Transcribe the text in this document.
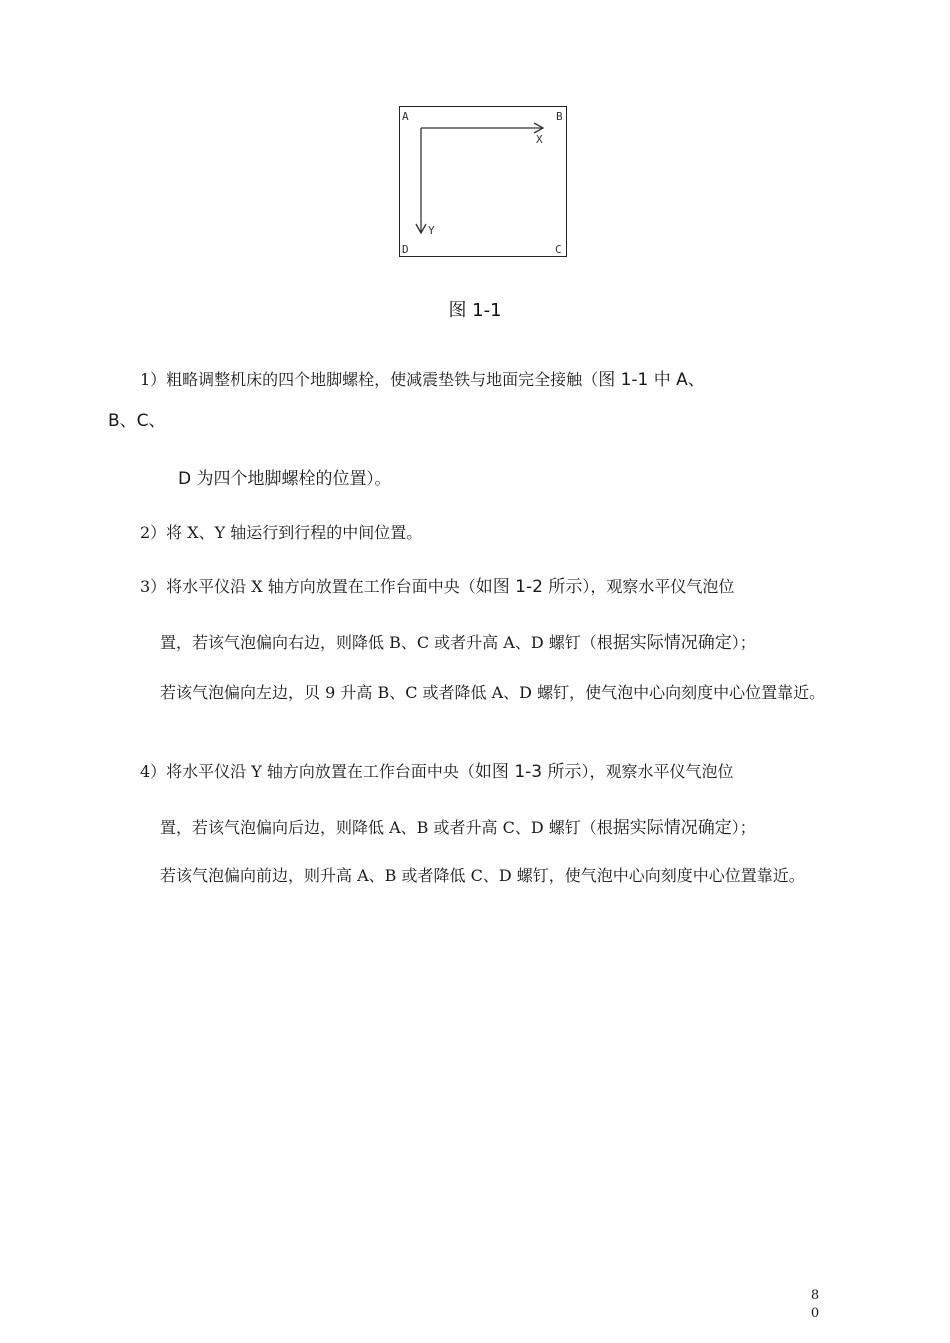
A	B
C
D
X
Y
图 1-1
1）粗略调整机床的四个地脚螺栓，使减震垫铁与地面完全接触（图 1-1 中 A、
B、C、
D 为四个地脚螺栓的位置）。
2）将 X、Y 轴运行到行程的中间位置。
3）将水平仪沿 X 轴方向放置在工作台面中央（如图 1-2 所示），观察水平仪气泡位
置，若该气泡偏向右边，则降低 B、C 或者升高 A、D 螺钉（根据实际情况确定）；
若该气泡偏向左边，贝 9 升高 B、C 或者降低 A、D 螺钉，使气泡中心向刻度中心位置靠近。
4）将水平仪沿 Y 轴方向放置在工作台面中央（如图 1-3 所示），观察水平仪气泡位
置，若该气泡偏向后边，则降低 A、B 或者升高 C、D 螺钉（根据实际情况确定）；
若该气泡偏向前边，则升高 A、B 或者降低 C、D 螺钉，使气泡中心向刻度中心位置靠近。
80
